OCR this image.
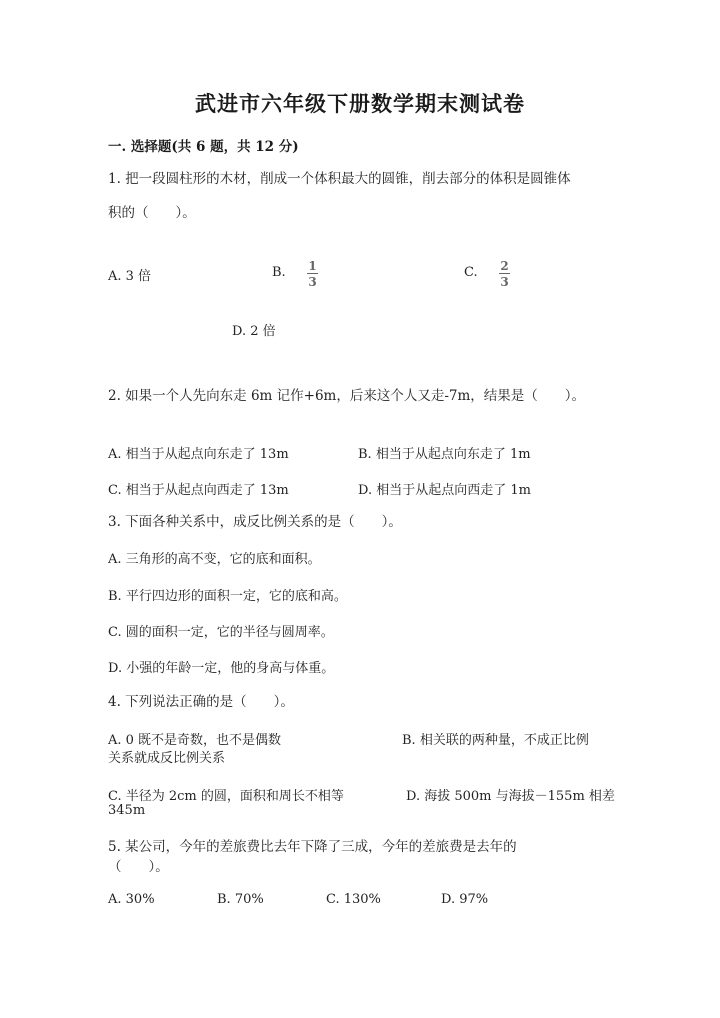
武进市六年级下册数学期末测试卷
一. 选择题(共 6 题，共 12 分)
1. 把一段圆柱形的木材，削成一个体积最大的圆锥，削去部分的体积是圆锥体
积的（　　）。
A. 3 倍	B. 1
3
C. 2
3
D. 2 倍
2. 如果一个人先向东走 6m 记作+6m，后来这个人又走-7m，结果是（　　）。
A. 相当于从起点向东走了 13m	B. 相当于从起点向东走了 1m
C. 相当于从起点向西走了 13m	D. 相当于从起点向西走了 1m
3. 下面各种关系中，成反比例关系的是（　　）。
A. 三角形的高不变，它的底和面积。
B. 平行四边形的面积一定，它的底和高。
C. 圆的面积一定，它的半径与圆周率。
D. 小强的年龄一定，他的身高与体重。
4. 下列说法正确的是（　　）。
A. 0 既不是奇数，也不是偶数	B. 相关联的两种量，不成正比例
关系就成反比例关系
C. 半径为 2cm 的圆，面积和周长不相等	D. 海拔 500m 与海拔－155m 相差
345m
5. 某公司，今年的差旅费比去年下降了三成，今年的差旅费是去年的
（　　）。
A. 30%	B. 70%	C. 130%	D. 97%
